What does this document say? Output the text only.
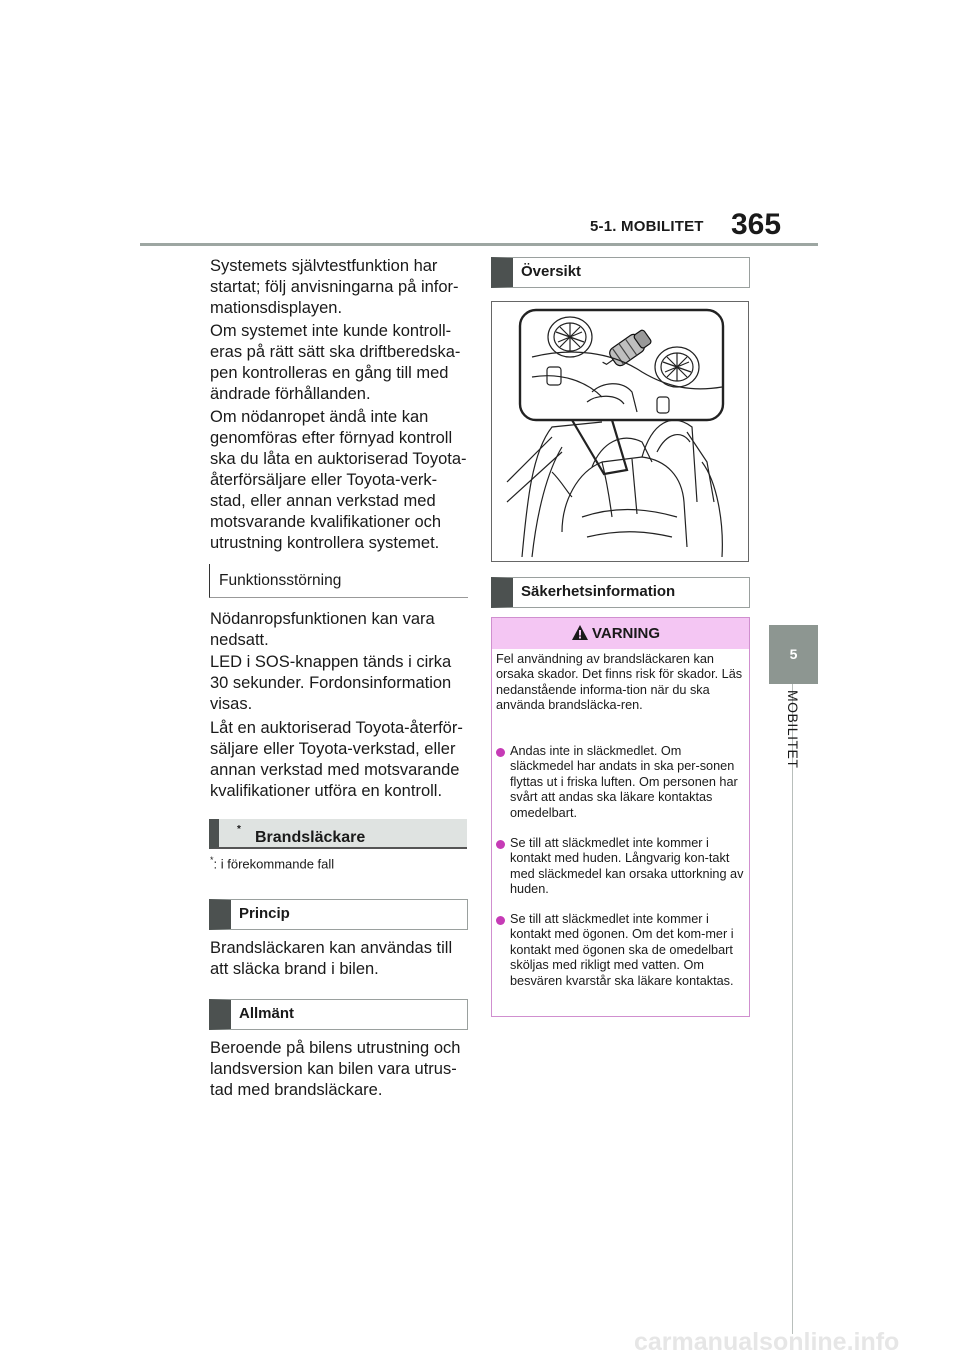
5-1. MOBILITET 365
5
MOBILITET
Systemets självtestfunktion har startat; följ anvisningarna på infor-mationsdisplayen.
Om systemet inte kunde kontroll-eras på rätt sätt ska driftberedska-pen kontrolleras en gång till med ändrade förhållanden.
Om nödanropet ändå inte kan genomföras efter förnyad kontroll ska du låta en auktoriserad Toyota-återförsäljare eller Toyota-verk-stad, eller annan verkstad med motsvarande kvalifikationer och utrustning kontrollera systemet.
Funktionsstörning
Nödanropsfunktionen kan vara nedsatt.
LED i SOS-knappen tänds i cirka 30 sekunder. Fordonsinformation visas.
Låt en auktoriserad Toyota-återför-säljare eller Toyota-verkstad, eller annan verkstad med motsvarande kvalifikationer utföra en kontroll.
Brandsläckare
*
*: i förekommande fall
Princip
Brandsläckaren kan användas till att släcka brand i bilen.
Allmänt
Beroende på bilens utrustning och landsversion kan bilen vara utrus-tad med brandsläckare.
Översikt
Säkerhetsinformation
VARNING
Fel användning av brandsläckaren kan orsaka skador. Det finns risk för skador. Läs nedanstående informa-tion när du ska använda brandsläcka-ren.
Andas inte in släckmedlet. Om släckmedel har andats in ska per-sonen flyttas ut i friska luften. Om personen har svårt att andas ska läkare kontaktas omedelbart.
Se till att släckmedlet inte kommer i kontakt med huden. Långvarig kon-takt med släckmedel kan orsaka uttorkning av huden.
Se till att släckmedlet inte kommer i kontakt med ögonen. Om det kom-mer i kontakt med ögonen ska de omedelbart sköljas med rikligt med vatten. Om besvären kvarstår ska läkare kontaktas.
carmanualsonline.info
